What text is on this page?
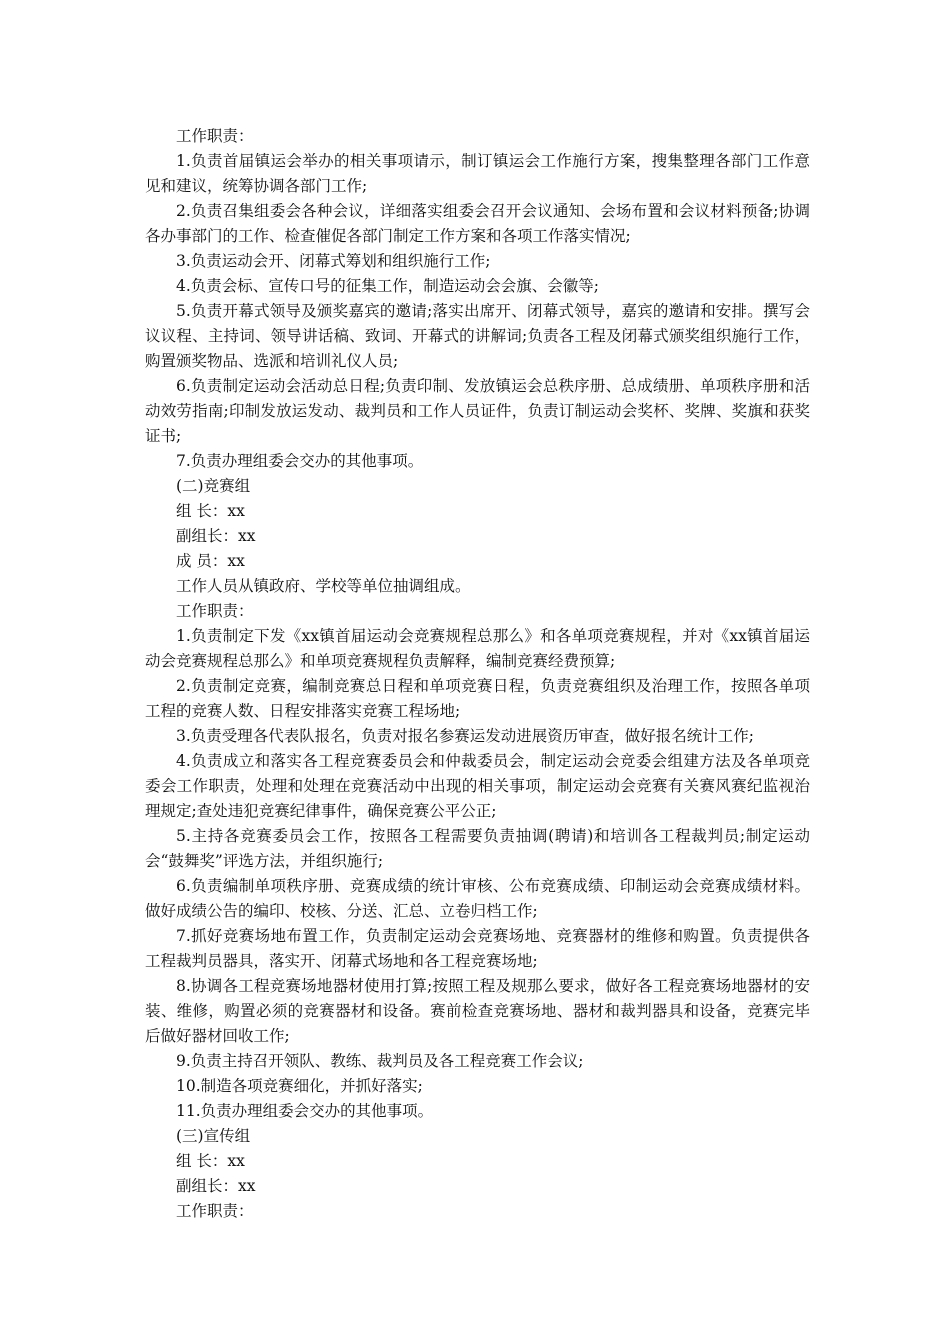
工作职责：

1.负责首届镇运会举办的相关事项请示，制订镇运会工作施行方案，搜集整理各部门工作意见和建议，统筹协调各部门工作;

2.负责召集组委会各种会议，详细落实组委会召开会议通知、会场布置和会议材料预备;协调各办事部门的工作、检查催促各部门制定工作方案和各项工作落实情况;

3.负责运动会开、闭幕式筹划和组织施行工作;

4.负责会标、宣传口号的征集工作，制造运动会会旗、会徽等;

5.负责开幕式领导及颁奖嘉宾的邀请;落实出席开、闭幕式领导，嘉宾的邀请和安排。撰写会议议程、主持词、领导讲话稿、致词、开幕式的讲解词;负责各工程及闭幕式颁奖组织施行工作，购置颁奖物品、选派和培训礼仪人员;

6.负责制定运动会活动总日程;负责印制、发放镇运会总秩序册、总成绩册、单项秩序册和活动效劳指南;印制发放运发动、裁判员和工作人员证件，负责订制运动会奖杯、奖牌、奖旗和获奖证书;

7.负责办理组委会交办的其他事项。

(二)竞赛组

组 长：xx

副组长：xx

成 员：xx

工作人员从镇政府、学校等单位抽调组成。

工作职责：

1.负责制定下发《xx镇首届运动会竞赛规程总那么》和各单项竞赛规程，并对《xx镇首届运动会竞赛规程总那么》和单项竞赛规程负责解释，编制竞赛经费预算;

2.负责制定竞赛，编制竞赛总日程和单项竞赛日程，负责竞赛组织及治理工作，按照各单项工程的竞赛人数、日程安排落实竞赛工程场地;

3.负责受理各代表队报名，负责对报名参赛运发动进展资历审查，做好报名统计工作;

4.负责成立和落实各工程竞赛委员会和仲裁委员会，制定运动会竞委会组建方法及各单项竞委会工作职责，处理和处理在竞赛活动中出现的相关事项，制定运动会竞赛有关赛风赛纪监视治理规定;查处违犯竞赛纪律事件，确保竞赛公平公正;

5.主持各竞赛委员会工作，按照各工程需要负责抽调(聘请)和培训各工程裁判员;制定运动会“鼓舞奖”评选方法，并组织施行;

6.负责编制单项秩序册、竞赛成绩的统计审核、公布竞赛成绩、印制运动会竞赛成绩材料。做好成绩公告的编印、校核、分送、汇总、立卷归档工作;

7.抓好竞赛场地布置工作，负责制定运动会竞赛场地、竞赛器材的维修和购置。负责提供各工程裁判员器具，落实开、闭幕式场地和各工程竞赛场地;

8.协调各工程竞赛场地器材使用打算;按照工程及规那么要求，做好各工程竞赛场地器材的安装、维修，购置必须的竞赛器材和设备。赛前检查竞赛场地、器材和裁判器具和设备，竞赛完毕后做好器材回收工作;

9.负责主持召开领队、教练、裁判员及各工程竞赛工作会议;

10.制造各项竞赛细化，并抓好落实;

11.负责办理组委会交办的其他事项。

(三)宣传组

组 长：xx

副组长：xx

工作职责：
